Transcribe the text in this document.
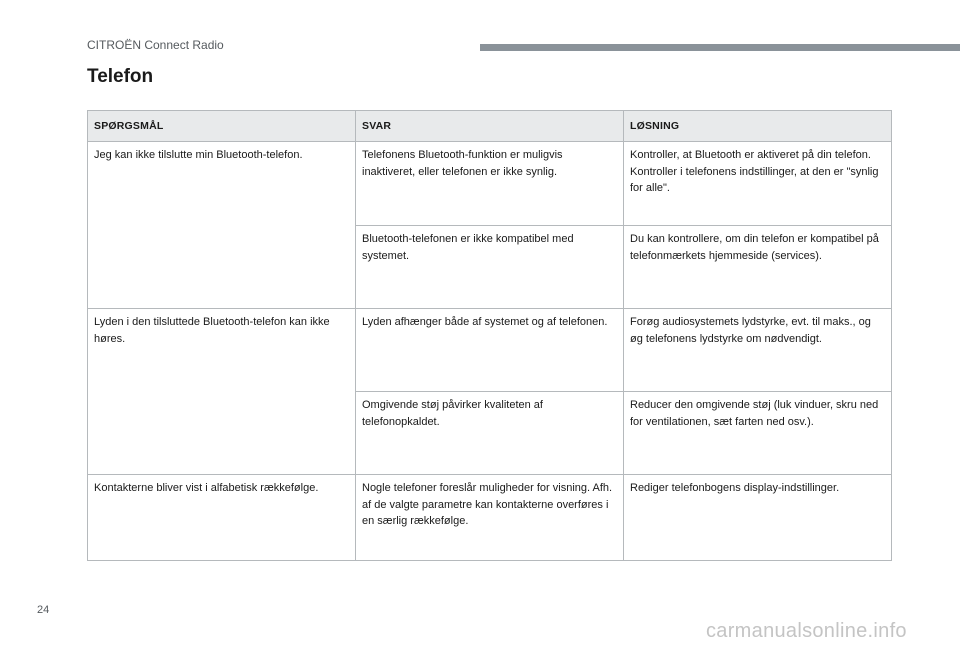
CITROËN Connect Radio
Telefon
SPØRGSMÅL	SVAR	LØSNING
Jeg kan ikke tilslutte min Bluetooth-telefon.	Telefonens Bluetooth-funktion er muligvis inaktiveret, eller telefonen er ikke synlig.	Kontroller, at Bluetooth er aktiveret på din telefon.
Kontroller i telefonens indstillinger, at den er "synlig for alle".
	Bluetooth-telefonen er ikke kompatibel med systemet.	Du kan kontrollere, om din telefon er kompatibel på telefonmærkets hjemmeside (services).
Lyden i den tilsluttede Bluetooth-telefon kan ikke høres.	Lyden afhænger både af systemet og af telefonen.	Forøg audiosystemets lydstyrke, evt. til maks., og øg telefonens lydstyrke om nødvendigt.
	Omgivende støj påvirker kvaliteten af telefonopkaldet.	Reducer den omgivende støj (luk vinduer, skru ned for ventilationen, sæt farten ned osv.).
Kontakterne bliver vist i alfabetisk rækkefølge.	Nogle telefoner foreslår muligheder for visning. Afh. af de valgte parametre kan kontakterne overføres i en særlig rækkefølge.	Rediger telefonbogens display-indstillinger.
24
carmanualsonline.info
